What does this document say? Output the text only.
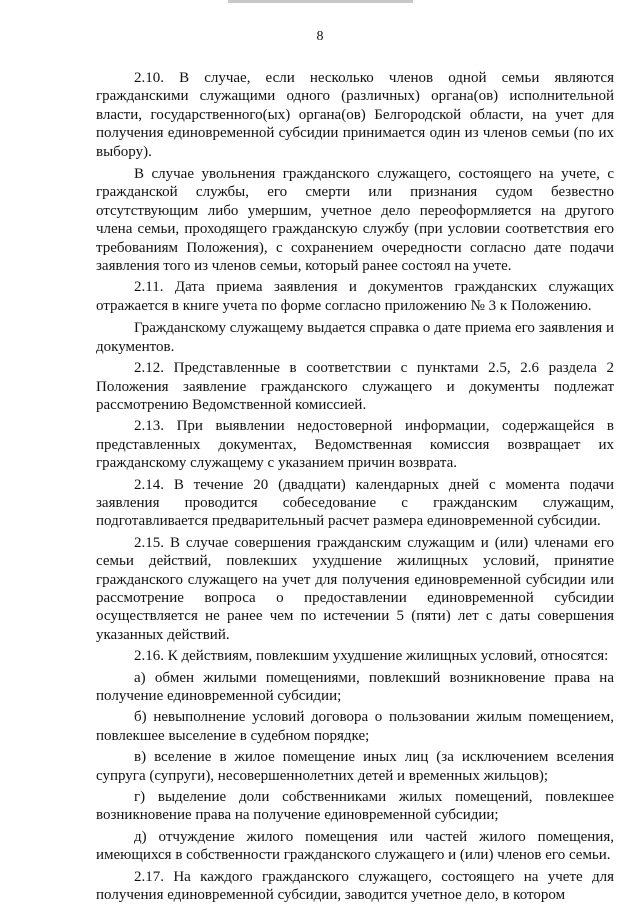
8

2.10. В случае, если несколько членов одной семьи являются гражданскими служащими одного (различных) органа(ов) исполнительной власти, государственного(ых) органа(ов) Белгородской области, на учет для получения единовременной субсидии принимается один из членов семьи (по их выбору).

В случае увольнения гражданского служащего, состоящего на учете, с гражданской службы, его смерти или признания судом безвестно отсутствующим либо умершим, учетное дело переоформляется на другого члена семьи, проходящего гражданскую службу (при условии соответствия его требованиям Положения), с сохранением очередности согласно дате подачи заявления того из членов семьи, который ранее состоял на учете.

2.11. Дата приема заявления и документов гражданских служащих отражается в книге учета по форме согласно приложению № 3 к Положению.

Гражданскому служащему выдается справка о дате приема его заявления и документов.

2.12. Представленные в соответствии с пунктами 2.5, 2.6 раздела 2 Положения заявление гражданского служащего и документы подлежат рассмотрению Ведомственной комиссией.

2.13. При выявлении недостоверной информации, содержащейся в представленных документах, Ведомственная комиссия возвращает их гражданскому служащему с указанием причин возврата.

2.14. В течение 20 (двадцати) календарных дней с момента подачи заявления проводится собеседование с гражданским служащим, подготавливается предварительный расчет размера единовременной субсидии.

2.15. В случае совершения гражданским служащим и (или) членами его семьи действий, повлекших ухудшение жилищных условий, принятие гражданского служащего на учет для получения единовременной субсидии или рассмотрение вопроса о предоставлении единовременной субсидии осуществляется не ранее чем по истечении 5 (пяти) лет с даты совершения указанных действий.

2.16. К действиям, повлекшим ухудшение жилищных условий, относятся:

а) обмен жилыми помещениями, повлекший возникновение права на получение единовременной субсидии;

б) невыполнение условий договора о пользовании жилым помещением, повлекшее выселение в судебном порядке;

в) вселение в жилое помещение иных лиц (за исключением вселения супруга (супруги), несовершеннолетних детей и временных жильцов);

г) выделение доли собственниками жилых помещений, повлекшее возникновение права на получение единовременной субсидии;

д) отчуждение жилого помещения или частей жилого помещения, имеющихся в собственности гражданского служащего и (или) членов его семьи.

2.17. На каждого гражданского служащего, состоящего на учете для получения единовременной субсидии, заводится учетное дело, в котором
